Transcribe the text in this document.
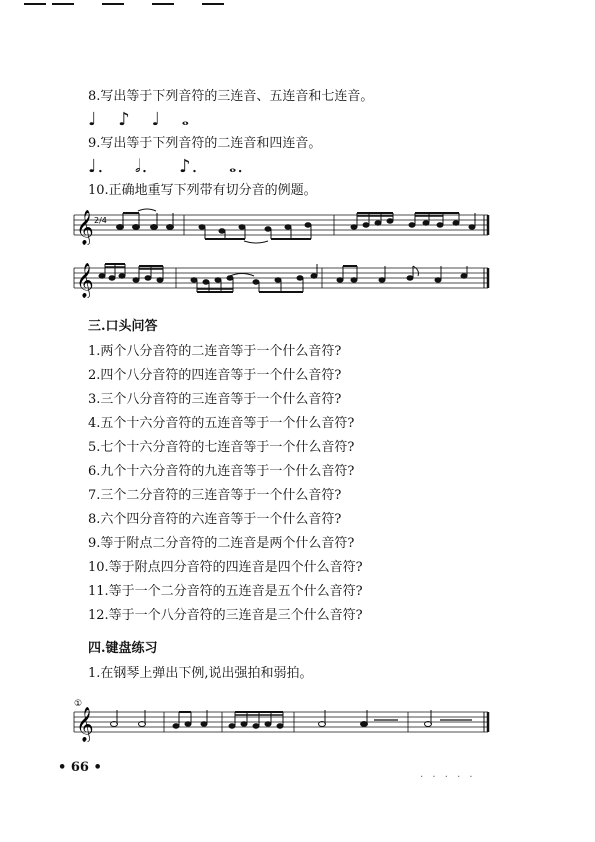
8.写出等于下列音符的三连音、五连音和七连音。
♩ ♪ ♩ 𝅝
9.写出等于下列音符的二连音和四连音。
♩. 𝅗𝅥. ♪. 𝅝.
10.正确地重写下列带有切分音的例题。
𝄞 2/4
𝄞
三.口头问答
1.两个八分音符的二连音等于一个什么音符?
2.四个八分音符的四连音等于一个什么音符?
3.三个八分音符的三连音等于一个什么音符?
4.五个十六分音符的五连音等于一个什么音符?
5.七个十六分音符的七连音等于一个什么音符?
6.九个十六分音符的九连音等于一个什么音符?
7.三个二分音符的三连音等于一个什么音符?
8.六个四分音符的六连音等于一个什么音符?
9.等于附点二分音符的二连音是两个什么音符?
10.等于附点四分音符的四连音是四个什么音符?
11.等于一个二分音符的五连音是五个什么音符?
12.等于一个八分音符的三连音是三个什么音符?
四.键盘练习
1.在钢琴上弹出下例,说出强拍和弱拍。
①
𝄞
• 66 •
· · · · ·
